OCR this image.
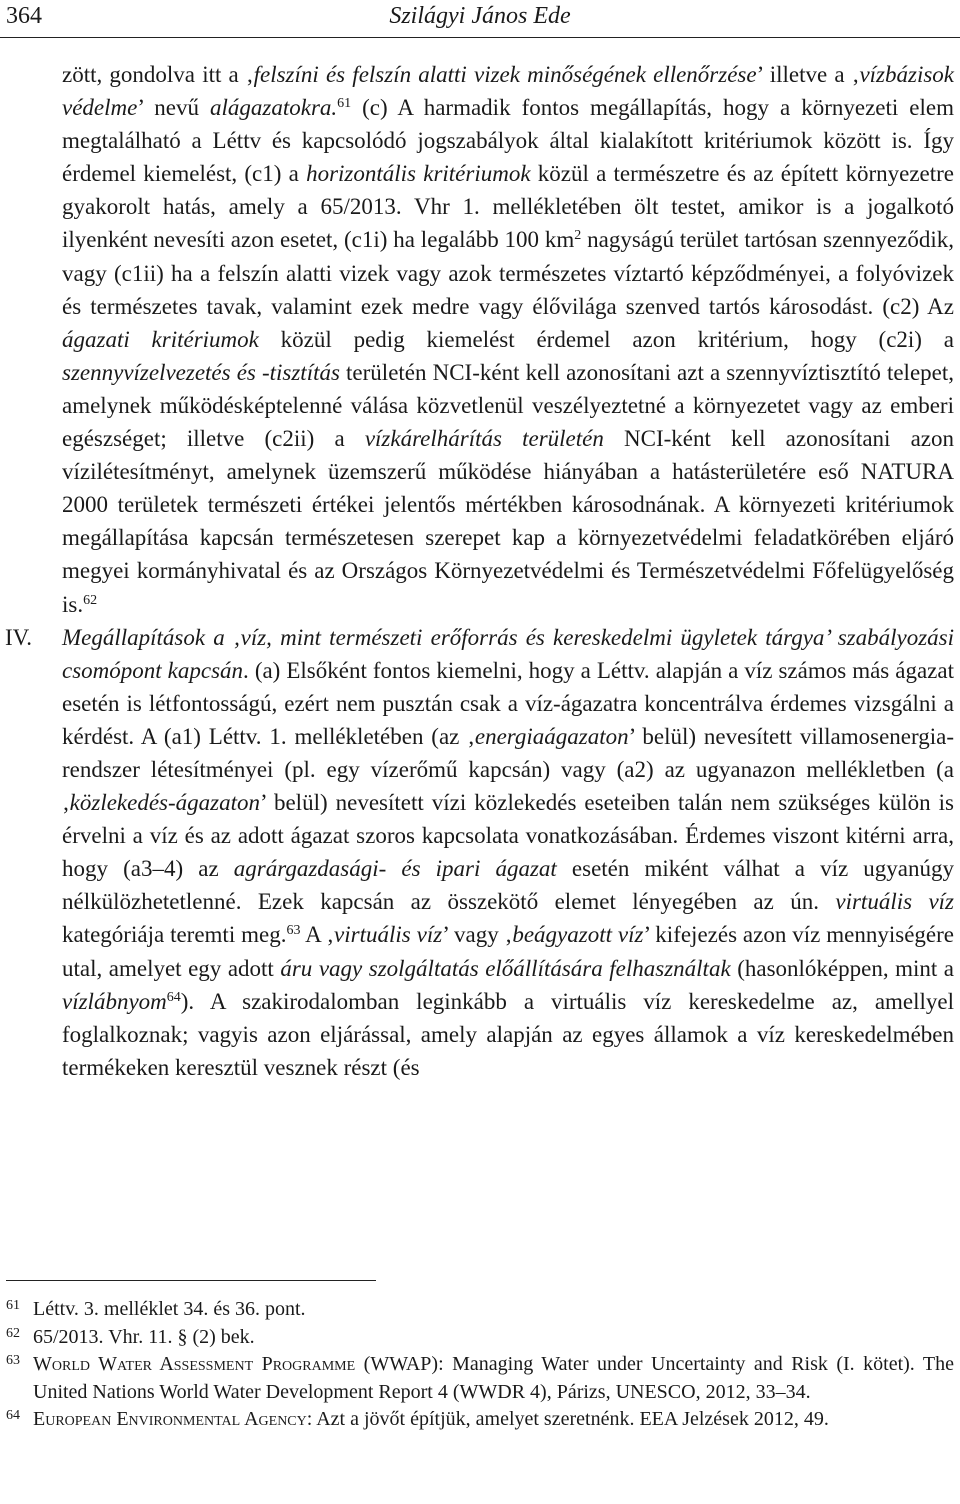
364	Szilágyi János Ede

zött, gondolva itt a ‚felszíni és felszín alatti vizek minőségének ellenőrzése’ illetve a ‚vízbázisok védelme’ nevű alágazatokra.$^{61}$ (c) A harmadik fontos megállapítás, hogy a környezeti elem megtalálható a Léttv és kapcsolódó jogszabályok által kialakított kritériumok között is. Így érdemel kiemelést, (c1) a horizontális kritériumok közül a természetre és az épített környezetre gyakorolt hatás, amely a 65/2013. Vhr 1. mellékletében ölt testet, amikor is a jogalkotó ilyenként nevesíti azon esetet, (c1i) ha legalább 100 $km^2$ nagyságú terület tartósan szennyeződik, vagy (c1ii) ha a felszín alatti vizek vagy azok természetes víztartó képződményei, a folyóvizek és természetes tavak, valamint ezek medre vagy élővilága szenved tartós károsodást. (c2) Az ágazati kritériumok közül pedig kiemelést érdemel azon kritérium, hogy (c2i) a szennyvízelvezetés és -tisztítás területén NCI-ként kell azonosítani azt a szennyvíztisztító telepet, amelynek működésképtelenné válása közvetlenül veszélyeztetné a környezetet vagy az emberi egészséget; illetve (c2ii) a vízkárelhárítás területén NCI-ként kell azonosítani azon vízilétesítményt, amelynek üzemszerű működése hiányában a hatásterületére eső NATURA 2000 területek természeti értékei jelentős mértékben károsodnának. A környezeti kritériumok megállapítása kapcsán természetesen szerepet kap a környezetvédelmi feladatkörében eljáró megyei kormányhivatal és az Országos Környezetvédelmi és Természetvédelmi Főfelügyelőség is.$^{62}$

IV. Megállapítások a ‚víz, mint természeti erőforrás és kereskedelmi ügyletek tárgya’ szabályozási csomópont kapcsán. (a) Elsőként fontos kiemelni, hogy a Léttv. alapján a víz számos más ágazat esetén is létfontosságú, ezért nem pusztán csak a víz-ágazatra koncentrálva érdemes vizsgálni a kérdést. A (a1) Léttv. 1. mellékletében (az ‚energiaágazaton’ belül) nevesített villamosenergia-rendszer létesítményei (pl. egy vízerőmű kapcsán) vagy (a2) az ugyanazon mellékletben (a ‚közlekedés-ágazaton’ belül) nevesített vízi közlekedés eseteiben talán nem szükséges külön is érvelni a víz és az adott ágazat szoros kapcsolata vonatkozásában. Érdemes viszont kitérni arra, hogy (a3–4) az agrárgazdasági- és ipari ágazat esetén miként válhat a víz ugyanúgy nélkülözhetetlenné. Ezek kapcsán az összekötő elemet lényegében az ún. virtuális víz kategóriája teremti meg.$^{63}$ A ‚virtuális víz’ vagy ‚beágyazott víz’ kifejezés azon víz mennyiségére utal, amelyet egy adott áru vagy szolgáltatás előállítására felhasználtak (hasonlóképpen, mint a vízlábnyom$^{64}$). A szakirodalomban leginkább a virtuális víz kereskedelme az, amellyel foglalkoznak; vagyis azon eljárással, amely alapján az egyes államok a víz kereskedelmében termékeken keresztül vesznek részt (és

61 Léttv. 3. melléklet 34. és 36. pont.
62 65/2013. Vhr. 11. § (2) bek.
63 World Water Assessment Programme (WWAP): Managing Water under Uncertainty and Risk (I. kötet). The United Nations World Water Development Report 4 (WWDR 4), Párizs, UNESCO, 2012, 33–34.
64 European Environmental Agency: Azt a jövőt építjük, amelyet szeretnénk. EEA Jelzések 2012, 49.
